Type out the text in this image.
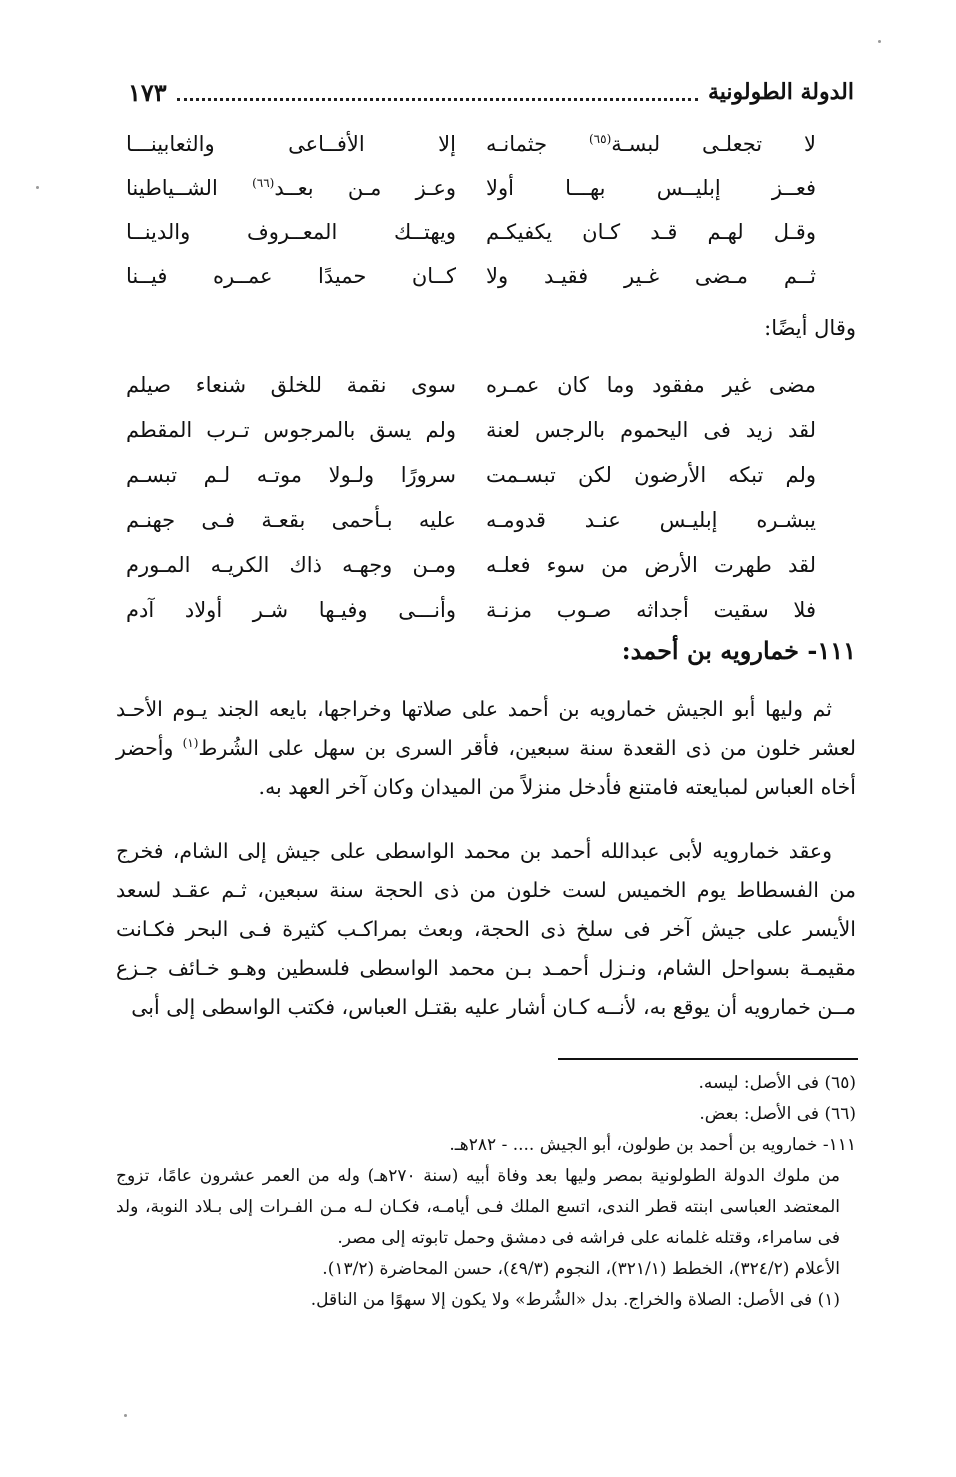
الدولة الطولونية
١٧٣
لا تجعلـى لبسـة$^{(٦٥)}$ جثمانـه
إلا الأفــاعى والثعابينـــا
فعــز إبليــس بهـــا أولا
وعـز مـن بعــد$^{(٦٦)}$ الشــياطينا
وقـل لهـم قـد كـان يكفيكـم
ويهتــك المعــروف والدينــا
ثــم مـضى غـير فقيـد ولا
كــان حميدًا عمــره فيــنا
وقال أيضًا:
مضى غير مفقود وما كان عمـره
سوى نقمة للخلق شنعاء صيلم
لقد زيد فى اليحموم بالرجس لعنة
ولم يسق بالمرجوس تـرب المقطم
ولم تبكه الأرضون لكن تبسـمت
سرورًا ولـولا موتـه لـم تبسـم
يبشـره إبليـس عنـد قدومـه
عليه بـأحمى بقعـة فـى جهنـم
لقد طهرت الأرض من سوء فعلـه
ومـن وجهـه ذاك الكريـه المـورم
فلا سقيت أجداثه صـوب مزنـة
وأنـــى وفيـها شـر أولاد آدم
١١١- خمارويه بن أحمد:

ثم وليها أبو الجيش خمارويه بن أحمد على صلاتها وخراجها، بايعه الجند يـوم الأحـد لعشر خلون من ذى القعدة سنة سبعين، فأقر السرى بن سهل على الشُرط$^{(١)}$ وأحضر أخاه العباس لمبايعته فامتنع فأدخل منزلاً من الميدان وكان آخر العهد به.

وعقد خمارويه لأبى عبدالله أحمد بن محمد الواسطى على جيش إلى الشام، فخرج من الفسطاط يوم الخميس لست خلون من ذى الحجة سنة سبعين، ثـم عقـد لسعد الأيسر على جيش آخر فى سلخ ذى الحجة، وبعث بمراكـب كثيرة فـى البحر فكـانت مقيمـة بسواحل الشام، ونـزل أحمـد بـن محمد الواسطى فلسطين وهـو خـائف جـزع مــن خمارويه أن يوقع به، لأنــه كـان أشار عليه بقتـل العباس، فكتب الواسطى إلى أبى

(٦٥) فى الأصل: ليسه.
(٦٦) فى الأصل: بعض.
١١١- خمارويه بن أحمد بن طولون، أبو الجيش .... - ٢٨٢هـ.
من ملوك الدولة الطولونية بمصر وليها بعد وفاة أبيه (سنة ٢٧٠هـ) وله من العمر عشرون عامًا، تزوج المعتضد العباسى ابنته قطر الندى، اتسع الملك فـى أيامـه، فكـان لـه مـن الفـرات إلى بـلاد النوبة، ولد فى سامراء، وقتله غلمانه على فراشه فى دمشق وحمل تابوته إلى مصر.
الأعلام (٣٢٤/٢)، الخطط (٣٢١/١)، النجوم (٤٩/٣)، حسن المحاضرة (١٣/٢).
(١) فى الأصل: الصلاة والخراج. بدل «الشُرط» ولا يكون إلا سهوًا من الناقل.
